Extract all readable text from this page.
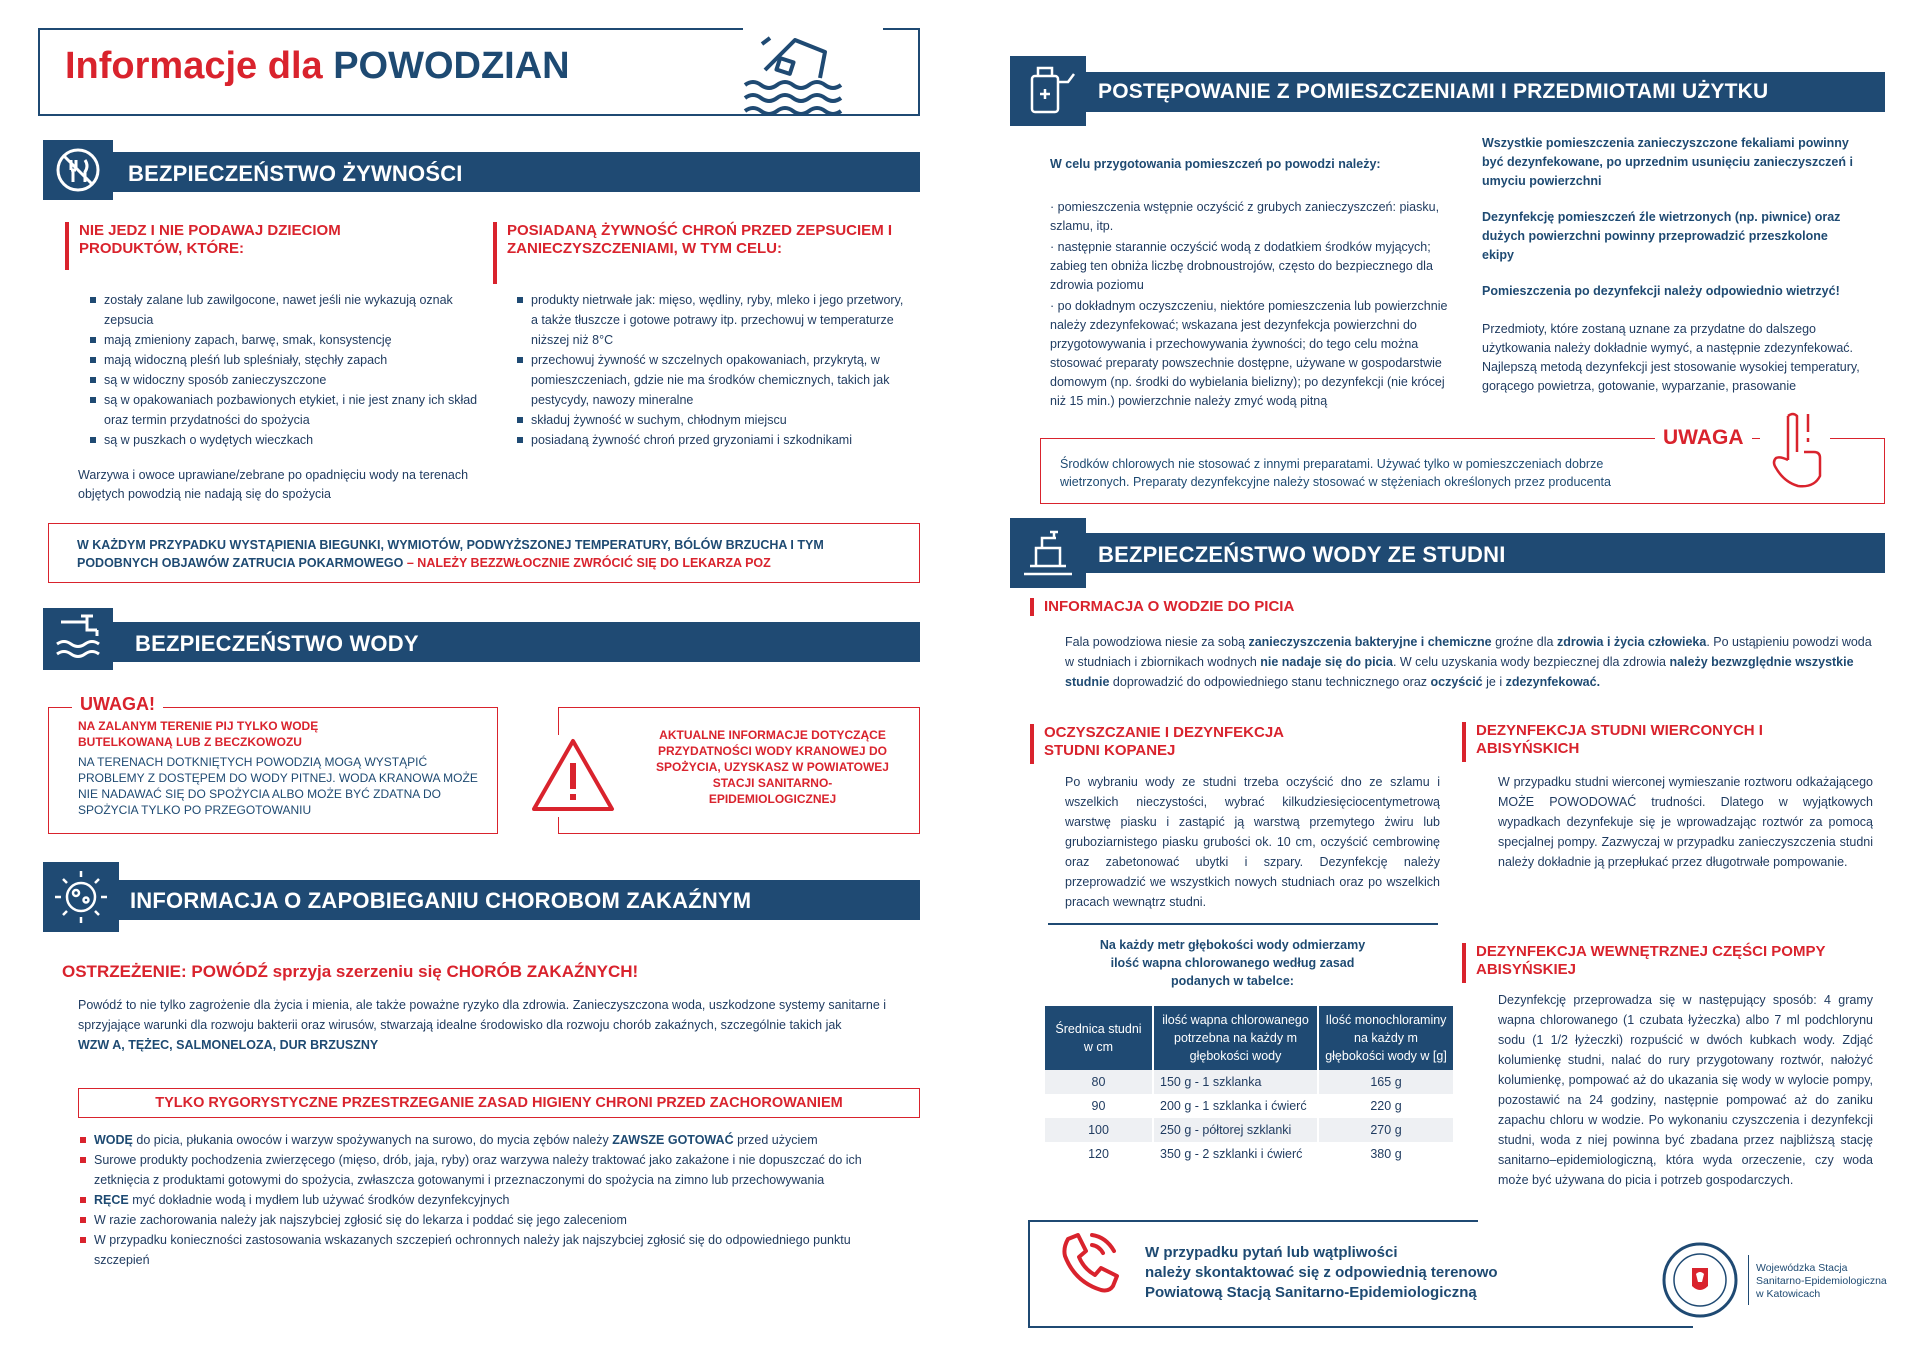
Informacje dla POWODZIAN
BEZPIECZEŃSTWO ŻYWNOŚCI
NIE JEDZ I NIE PODAWAJ DZIECIOM PRODUKTÓW, KTÓRE:
zostały zalane lub zawilgocone, nawet jeśli nie wykazują oznak zepsucia
mają zmieniony zapach, barwę, smak, konsystencję
mają widoczną pleśń lub spleśniały, stęchły zapach
są w widoczny sposób zanieczyszczone
są w opakowaniach pozbawionych etykiet, i nie jest znany ich skład oraz termin przydatności do spożycia
są w puszkach o wydętych wieczkach
Warzywa i owoce uprawiane/zebrane po opadnięciu wody na terenach objętych powodzią nie nadają się do spożycia
POSIADANĄ ŻYWNOŚĆ CHROŃ PRZED ZEPSUCIEM I ZANIECZYSZCZENIAMI, W TYM CELU:
produkty nietrwałe jak: mięso, wędliny, ryby, mleko i jego przetwory, a także tłuszcze i gotowe potrawy itp. przechowuj w temperaturze niższej niż 8°C
przechowuj żywność w szczelnych opakowaniach, przykrytą, w pomieszczeniach, gdzie nie ma środków chemicznych, takich jak pestycydy, nawozy mineralne
składuj żywność w suchym, chłodnym miejscu
posiadaną żywność chroń przed gryzoniami i szkodnikami
W KAŻDYM PRZYPADKU WYSTĄPIENIA BIEGUNKI, WYMIOTÓW, PODWYŻSZONEJ TEMPERATURY, BÓLÓW BRZUCHA I TYM PODOBNYCH OBJAWÓW ZATRUCIA POKARMOWEGO – NALEŻY BEZZWŁOCZNIE ZWRÓCIĆ SIĘ DO LEKARZA POZ
BEZPIECZEŃSTWO WODY
UWAGA!
NA ZALANYM TERENIE PIJ TYLKO WODĘ BUTELKOWANĄ LUB Z BECZKOWOZU
NA TERENACH DOTKNIĘTYCH POWODZIĄ MOGĄ WYSTĄPIĆ PROBLEMY Z DOSTĘPEM DO WODY PITNEJ. WODA KRANOWA MOŻE NIE NADAWAĆ SIĘ DO SPOŻYCIA ALBO MOŻE BYĆ ZDATNA DO SPOŻYCIA TYLKO PO PRZEGOTOWANIU
AKTUALNE INFORMACJE DOTYCZĄCE PRZYDATNOŚCI WODY KRANOWEJ DO SPOŻYCIA, UZYSKASZ W POWIATOWEJ STACJI SANITARNO-EPIDEMIOLOGICZNEJ
INFORMACJA O ZAPOBIEGANIU CHOROBOM ZAKAŹNYM
OSTRZEŻENIE: POWÓDŹ sprzyja szerzeniu się CHORÓB ZAKAŹNYCH!
Powódź to nie tylko zagrożenie dla życia i mienia, ale także poważne ryzyko dla zdrowia. Zanieczyszczona woda, uszkodzone systemy sanitarne i sprzyjające warunki dla rozwoju bakterii oraz wirusów, stwarzają idealne środowisko dla rozwoju chorób zakaźnych, szczególnie takich jak
WZW A, TĘŻEC, SALMONELOZA, DUR BRZUSZNY
TYLKO RYGORYSTYCZNE PRZESTRZEGANIE ZASAD HIGIENY CHRONI PRZED ZACHOROWANIEM
WODĘ do picia, płukania owoców i warzyw spożywanych na surowo, do mycia zębów należy ZAWSZE GOTOWAĆ przed użyciem
Surowe produkty pochodzenia zwierzęcego (mięso, drób, jaja, ryby) oraz warzywa należy traktować jako zakażone i nie dopuszczać do ich zetknięcia z produktami gotowymi do spożycia, zwłaszcza gotowanymi i przeznaczonymi do spożycia na zimno lub przechowywania
RĘCE myć dokładnie wodą i mydłem lub używać środków dezynfekcyjnych
W razie zachorowania należy jak najszybciej zgłosić się do lekarza i poddać się jego zaleceniom
W przypadku konieczności zastosowania wskazanych szczepień ochronnych należy jak najszybciej zgłosić się do odpowiedniego punktu szczepień
POSTĘPOWANIE Z POMIESZCZENIAMI I PRZEDMIOTAMI UŻYTKU
W celu przygotowania pomieszczeń po powodzi należy:
· pomieszczenia wstępnie oczyścić z grubych zanieczyszczeń: piasku, szlamu, itp.
· następnie starannie oczyścić wodą z dodatkiem środków myjących; zabieg ten obniża liczbę drobnoustrojów, często do bezpiecznego dla zdrowia poziomu
· po dokładnym oczyszczeniu, niektóre pomieszczenia lub powierzchnie należy zdezynfekować; wskazana jest dezynfekcja powierzchni do przygotowywania i przechowywania żywności; do tego celu można stosować preparaty powszechnie dostępne, używane w gospodarstwie domowym (np. środki do wybielania bielizny); po dezynfekcji (nie krócej niż 15 min.) powierzchnie należy zmyć wodą pitną
Wszystkie pomieszczenia zanieczyszczone fekaliami powinny być dezynfekowane, po uprzednim usunięciu zanieczyszczeń i umyciu powierzchni
Dezynfekcję pomieszczeń źle wietrzonych (np. piwnice) oraz dużych powierzchni powinny przeprowadzić przeszkolone ekipy
Pomieszczenia po dezynfekcji należy odpowiednio wietrzyć!
Przedmioty, które zostaną uznane za przydatne do dalszego użytkowania należy dokładnie wymyć, a następnie zdezynfekować. Najlepszą metodą dezynfekcji jest stosowanie wysokiej temperatury, gorącego powietrza, gotowanie, wyparzanie, prasowanie
UWAGA
Środków chlorowych nie stosować z innymi preparatami. Używać tylko w pomieszczeniach dobrze wietrzonych. Preparaty dezynfekcyjne należy stosować w stężeniach określonych przez producenta
BEZPIECZEŃSTWO WODY ZE STUDNI
INFORMACJA O WODZIE DO PICIA
Fala powodziowa niesie za sobą zanieczyszczenia bakteryjne i chemiczne groźne dla zdrowia i życia człowieka. Po ustąpieniu powodzi woda w studniach i zbiornikach wodnych nie nadaje się do picia. W celu uzyskania wody bezpiecznej dla zdrowia należy bezwzględnie wszystkie studnie doprowadzić do odpowiedniego stanu technicznego oraz oczyścić je i zdezynfekować.
OCZYSZCZANIE I DEZYNFEKCJA STUDNI KOPANEJ
Po wybraniu wody ze studni trzeba oczyścić dno ze szlamu i wszelkich nieczystości, wybrać kilkudziesięciocentymetrową warstwę piasku i zastąpić ją warstwą przemytego żwiru lub gruboziarnistego piasku grubości ok. 10 cm, oczyścić cembrowinę oraz zabetonować ubytki i szpary. Dezynfekcję należy przeprowadzić we wszystkich nowych studniach oraz po wszelkich pracach wewnątrz studni.
Na każdy metr głębokości wody odmierzamy ilość wapna chlorowanego według zasad podanych w tabelce:
Średnica studni w cm	ilość wapna chlorowanego potrzebna na każdy m głębokości wody	Ilość monochloraminy na każdy m głębokości wody w [g]
80	150 g - 1 szklanka	165 g
90	200 g - 1 szklanka i ćwierć	220 g
100	250 g - półtorej szklanki	270 g
120	350 g - 2 szklanki i ćwierć	380 g
DEZYNFEKCJA STUDNI WIERCONYCH I ABISYŃSKICH
W przypadku studni wierconej wymieszanie roztworu odkażającego MOŻE POWODOWAĆ trudności. Dlatego w wyjątkowych wypadkach dezynfekuje się je wprowadzając roztwór za pomocą specjalnej pompy. Zazwyczaj w przypadku zanieczyszczenia studni należy dokładnie ją przepłukać przez długotrwałe pompowanie.
DEZYNFEKCJA WEWNĘTRZNEJ CZĘŚCI POMPY ABISYŃSKIEJ
Dezynfekcję przeprowadza się w następujący sposób: 4 gramy wapna chlorowanego (1 czubata łyżeczka) albo 7 ml podchlorynu sodu (1 1/2 łyżeczki) rozpuścić w dwóch kubkach wody. Zdjąć kolumienkę studni, nalać do rury przygotowany roztwór, nałożyć kolumienkę, pompować aż do ukazania się wody w wylocie pompy, pozostawić na 24 godziny, następnie pompować aż do zaniku zapachu chloru w wodzie. Po wykonaniu czyszczenia i dezynfekcji studni, woda z niej powinna być zbadana przez najbliższą stację sanitarno–epidemiologiczną, która wyda orzeczenie, czy woda może być używana do picia i potrzeb gospodarczych.
W przypadku pytań lub wątpliwości
należy skontaktować się z odpowiednią terenowo
Powiatową Stacją Sanitarno-Epidemiologiczną
Wojewódzka Stacja
Sanitarno-Epidemiologiczna
w Katowicach
